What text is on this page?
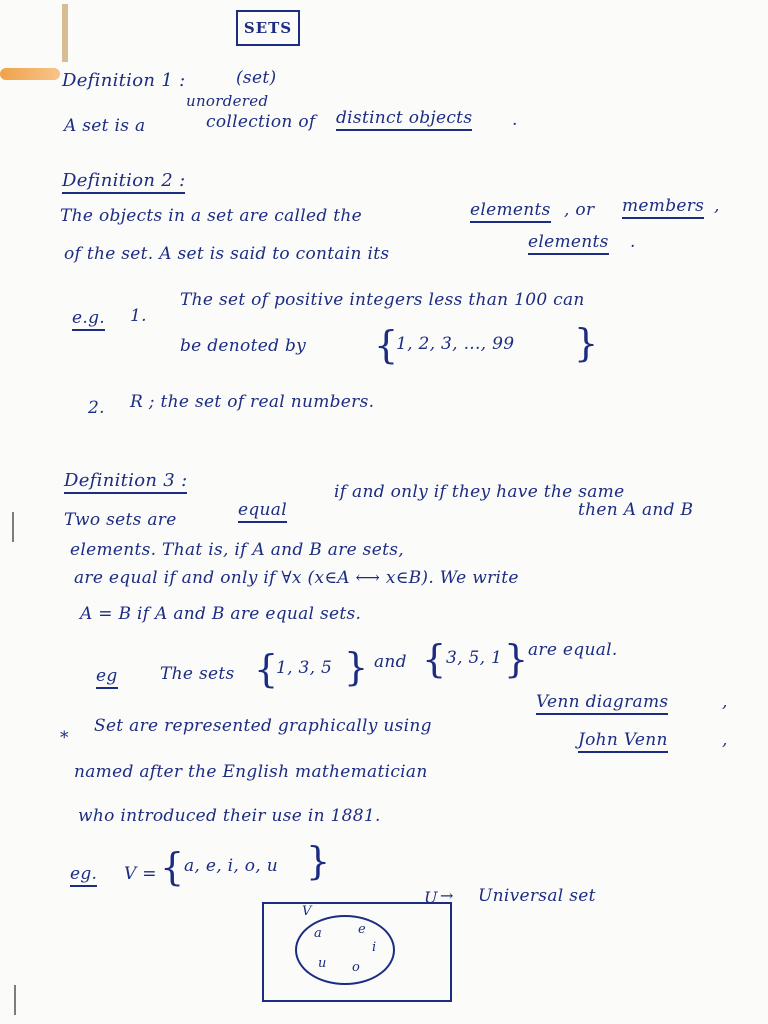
SETS
Definition 1 :	(set)
unordered
A set is a	collection of distinct objects .
Definition 2 :
The objects in a set are called the	elements , or members ,
of the set. A set is said to contain its
elements .
e.g. 1.
The set of positive integers less than 100 can
be denoted by {
1, 2, 3, ..., 99 }
2. R ; the set of real numbers.
Definition 3 :
Two sets are	equal
if and only if they have the same
elements. That is, if A and B are sets,
then A and B
are equal if and only if ∀x (x∈A ⟷ x∈B). We write
A = B if A and B are equal sets.
eg The sets {
1, 3, 5 } and { 3, 5, 1 } are equal.
*
Set are represented graphically using
Venn diagrams	,
named after the English mathematician
John Venn	,
who introduced their use in 1881.
eg. V = { a, e, i, o, u }
U → Universal set
V
a	e
i
u o
